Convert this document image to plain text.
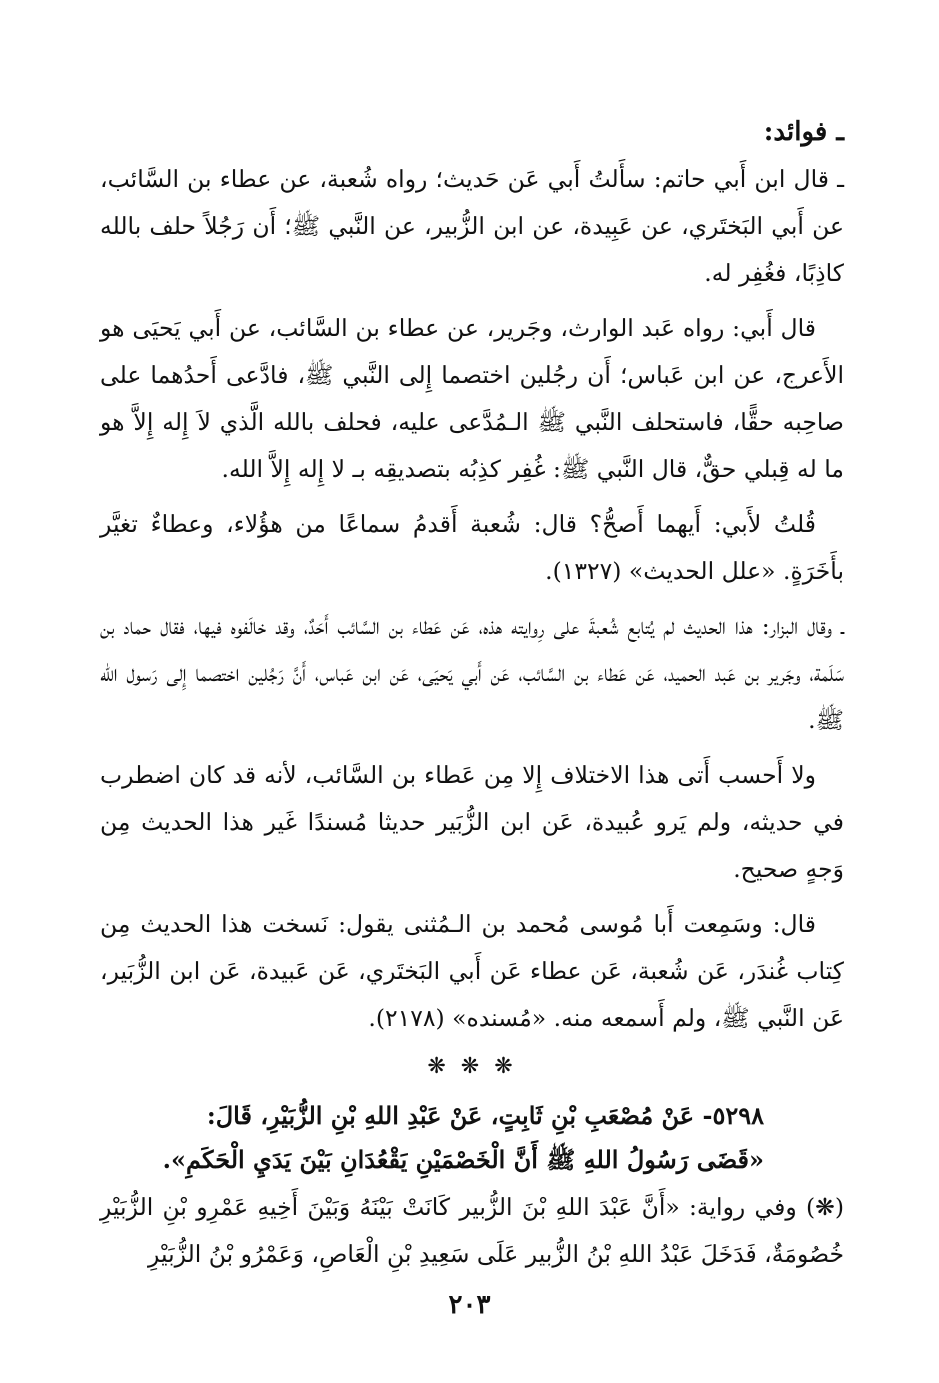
ـ فوائد:

ـ قال ابن أَبي حاتم: سأَلتُ أَبي عَن حَديث؛ رواه شُعبة، عن عطاء بن السَّائب، عن أَبي البَختَري، عن عَبِيدة، عن ابن الزُّبير، عن النَّبي ﷺ؛ أَن رَجُلاً حلف بالله كاذِبًا، فغُفِر له.

قال أَبي: رواه عَبد الوارث، وجَرير، عن عطاء بن السَّائب، عن أَبي يَحيَى هو الأَعرج، عن ابن عَباس؛ أَن رجُلين اختصما إِلى النَّبي ﷺ، فادَّعى أَحدُهما على صاحِبه حقًّا، فاستحلف النَّبي ﷺ الـمُدَّعى عليه، فحلف بالله الَّذي لاَ إِله إِلاَّ هو ما له قِبلي حقٌّ، قال النَّبي ﷺ: غُفِر كذِبُه بتصديقِه بـ لا إِله إِلاَّ الله.

قُلتُ لأَبي: أَيهما أَصحُّ؟ قال: شُعبة أَقدمُ سماعًا من هؤُلاء، وعطاءٌ تغيَّر بأَخَرَةٍ. «علل الحديث» (١٣٢٧).

ـ وقال البزار: هذا الحديث لم يُتابع شُعبةَ على رِوايته هذه، عَن عَطاء بن السَّائب أَحَدٌ، وقد خالَفوه فيها، فقال حماد بن سَلَمة، وجَرير بن عَبد الحميد، عَن عَطاء بن السَّائب، عَن أَبي يَحيَى، عَن ابن عَباس، أَنَّ رَجُلين اختصما إِلى رَسول الله ﷺ.

ولا أَحسب أَتى هذا الاختلاف إِلا مِن عَطاء بن السَّائب، لأنه قد كان اضطرب في حديثه، ولم يَرو عُبيدة، عَن ابن الزُّبَير حديثا مُسندًا غَير هذا الحديث مِن وَجهٍ صحيح.

قال: وسَمِعت أَبا مُوسى مُحمد بن الـمُثنى يقول: نَسخت هذا الحديث مِن كِتاب غُندَر، عَن شُعبة، عَن عطاء عَن أَبي البَختَري، عَن عَبيدة، عَن ابن الزُّبَير، عَن النَّبي ﷺ، ولم أَسمعه منه. «مُسنده» (٢١٧٨).

❋ ❋ ❋

٥٢٩٨- عَنْ مُصْعَبِ بْنِ ثَابِتٍ، عَنْ عَبْدِ اللهِ بْنِ الزُّبَيْرِ، قَالَ:

«قَضَى رَسُولُ اللهِ ﷺ أَنَّ الْخَصْمَيْنِ يَقْعُدَانِ بَيْنَ يَدَيِ الْحَكَمِ».

(❋) وفي رواية: «أَنَّ عَبْدَ اللهِ بْنَ الزُّبير كَانَتْ بَيْنَهُ وَبَيْنَ أَخِيهِ عَمْرِو بْنِ الزُّبَيْرِ خُصُومَةٌ، فَدَخَلَ عَبْدُ اللهِ بْنُ الزُّبير عَلَى سَعِيدِ بْنِ الْعَاصِ، وَعَمْرُو بْنُ الزُّبَيْرِ

٢٠٣
